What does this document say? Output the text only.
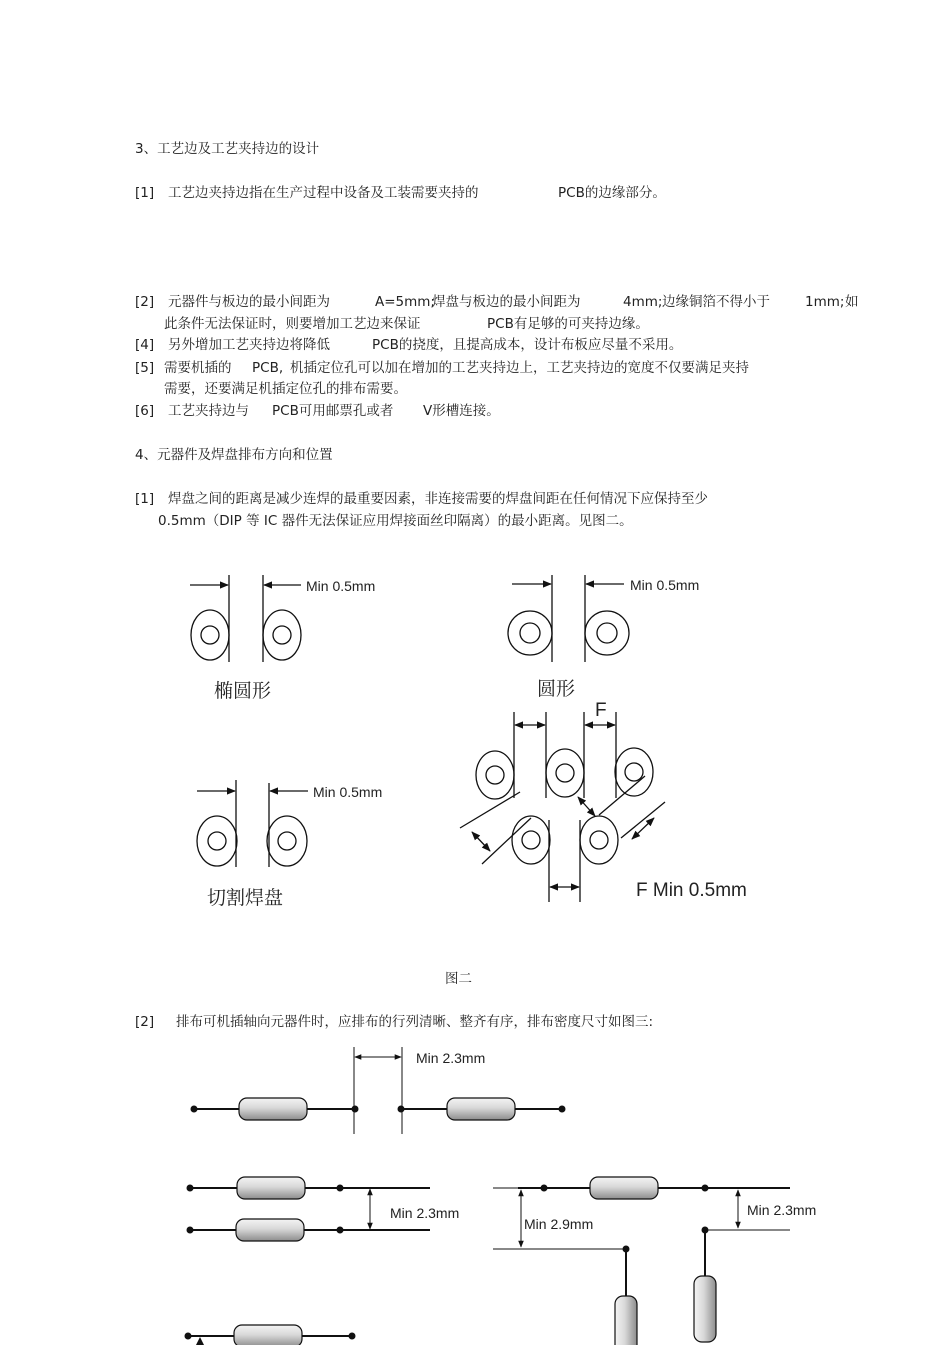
3、工艺边及工艺夹持边的设计
[1] 工艺边夹持边指在生产过程中设备及工装需要夹持的	PCB的边缘部分。
[2] 元器件与板边的最小间距为	A=5mm;
焊盘与板边的最小间距为	4mm; 边缘铜箔不得小于	1mm; 如
此条件无法保证时，则要增加工艺边来保证	PCB有足够的可夹持边缘。
[4] 另外增加工艺夹持边将降低	PCB的挠度，且提高成本，设计布板应尽量不采用。
[5] 需要机插的 PCB, 机插定位孔可以加在增加的工艺夹持边上，工艺夹持边的宽度不仅要满足夹持
需要，还要满足机插定位孔的排布需要。
[6] 工艺夹持边与 PCB可用邮票孔或者 V形槽连接。
4、元器件及焊盘排布方向和位置
[1] 焊盘之间的距离是减少连焊的最重要因素，非连接需要的焊盘间距在任何情况下应保持至少
0.5mm（DIP 等 IC 器件无法保证应用焊接面丝印隔离）的最小距离。见图二。
Min 0.5mm	Min 0.5mm
Min 0.5mm
椭圆形	圆形
切割焊盘
F
F Min 0.5mm
图二
[2] 排布可机插轴向元器件时，应排布的行列清晰、整齐有序，排布密度尺寸如图三:
Min 2.3mm
Min 2.3mm
Min 2.9mm
Min 2.3mm
